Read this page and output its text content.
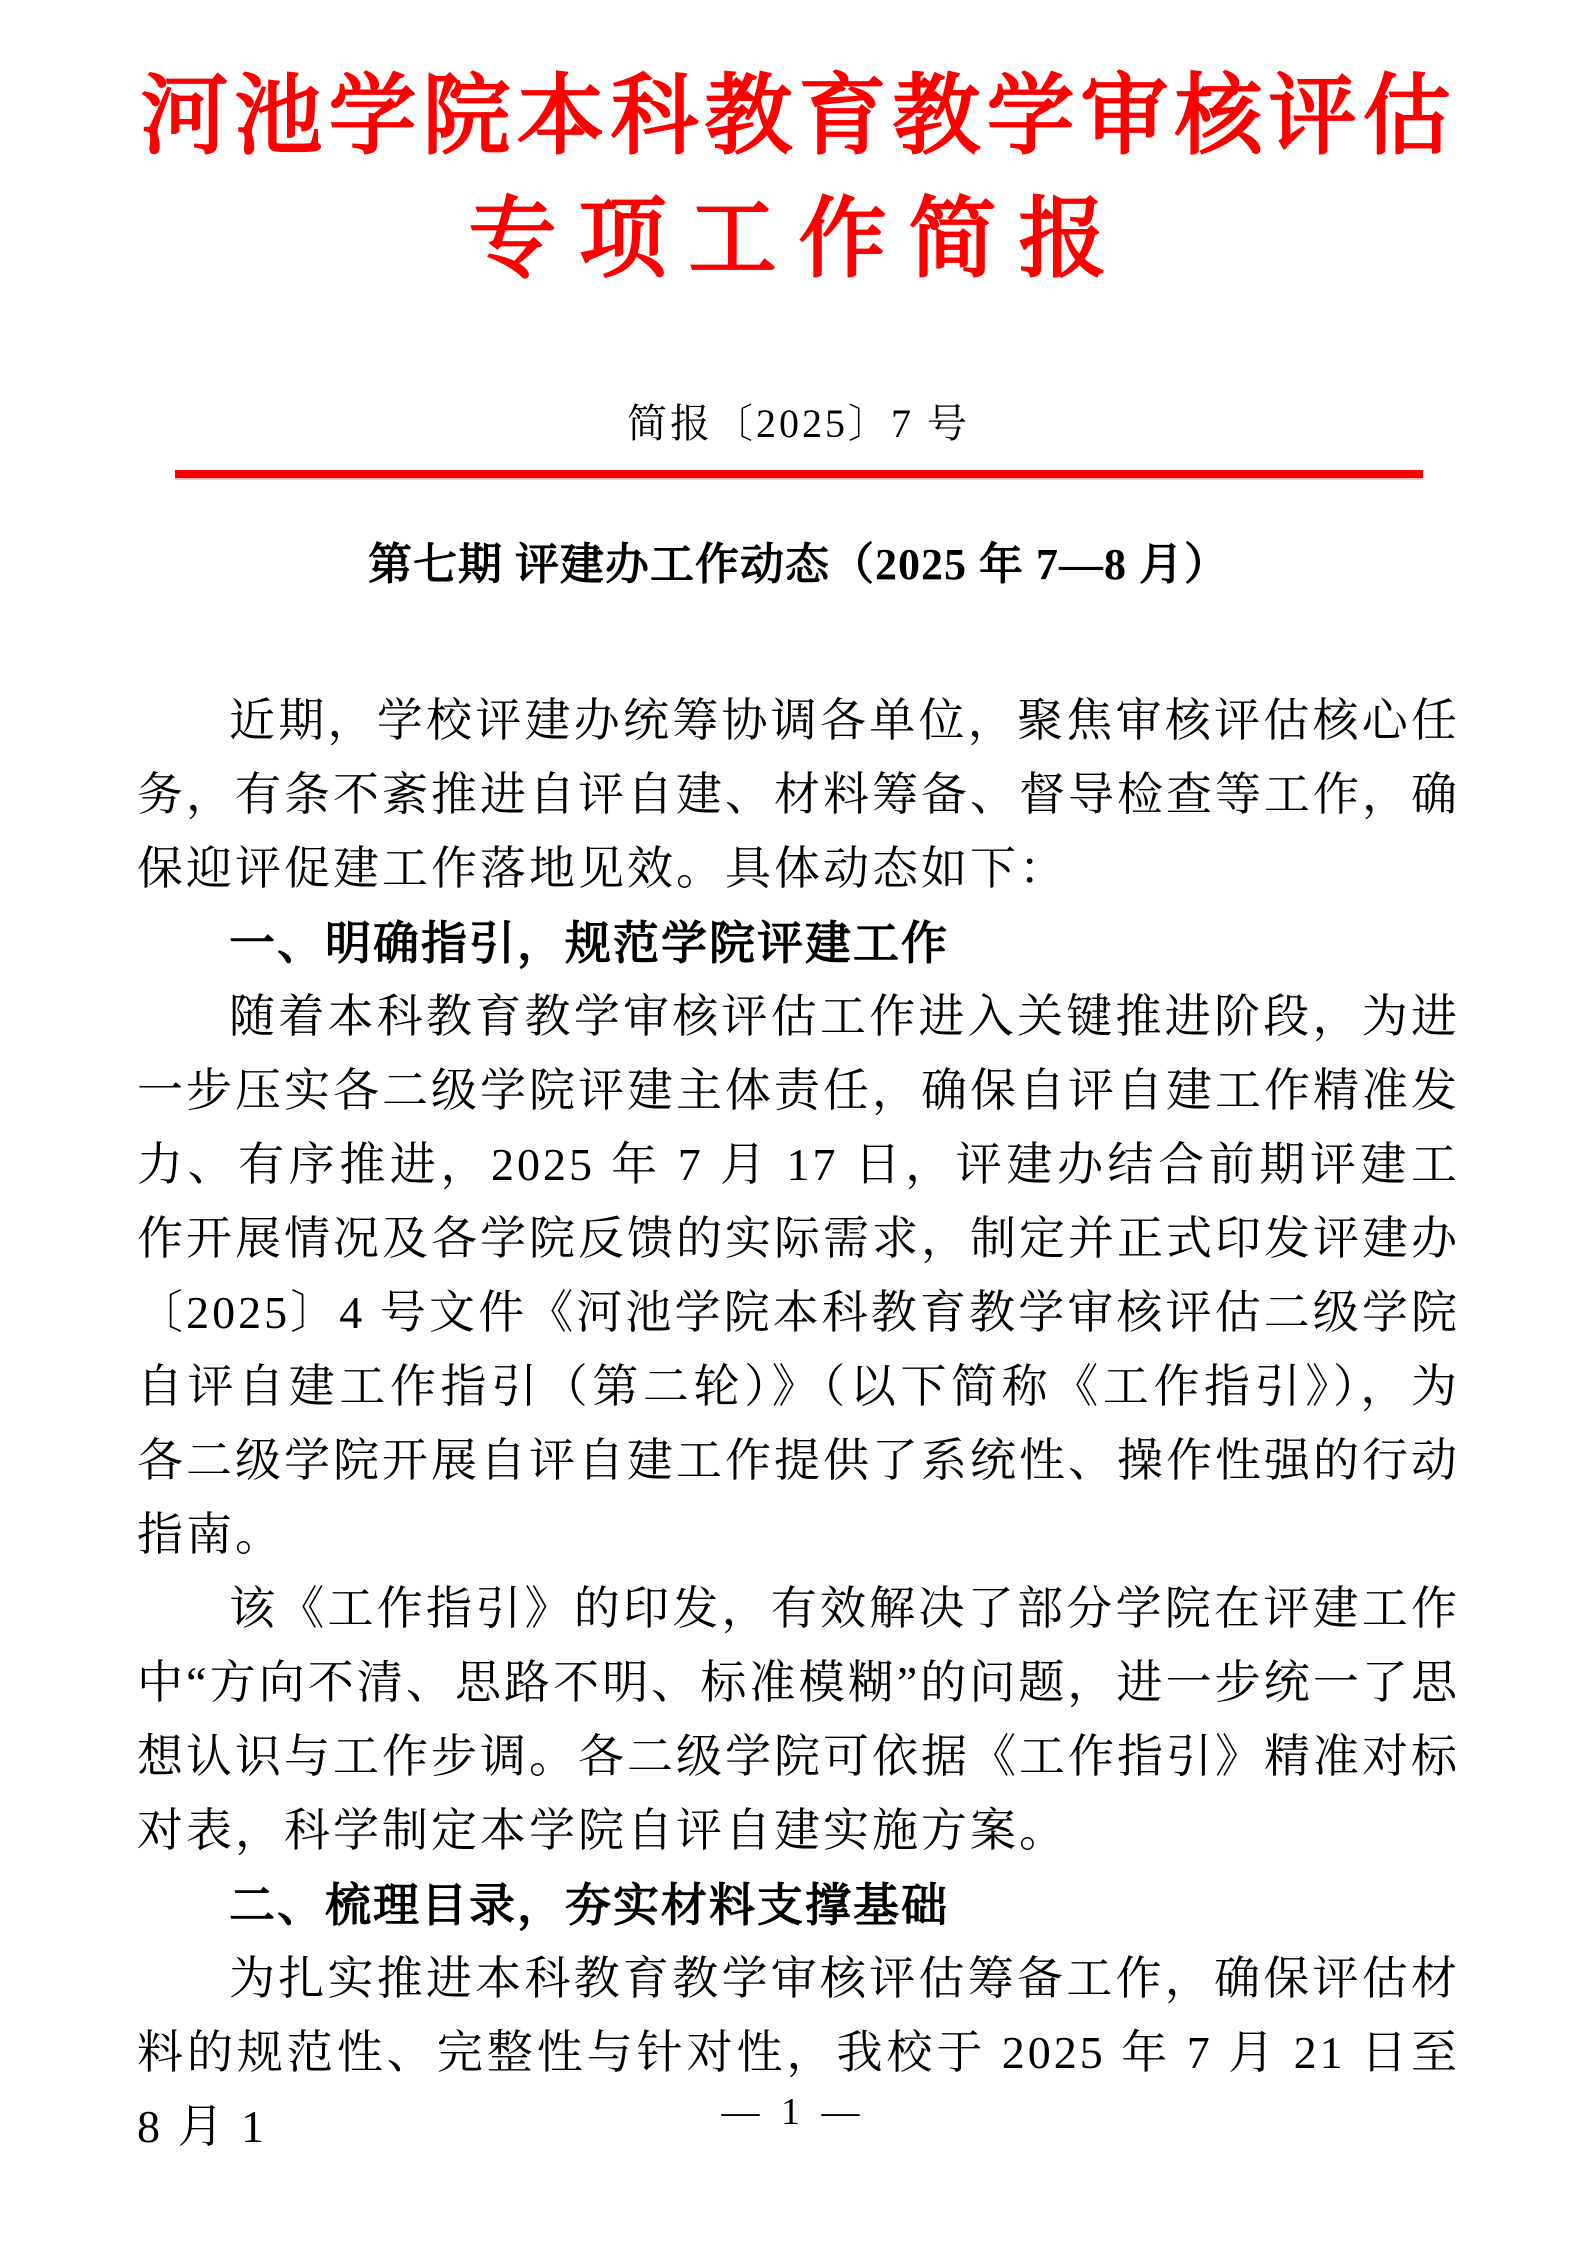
河池学院本科教育教学审核评估
专项工作简报
简报〔2025〕7 号
第七期 评建办工作动态（2025 年 7—8 月）

近期，学校评建办统筹协调各单位，聚焦审核评估核心任务，有条不紊推进自评自建、材料筹备、督导检查等工作，确保迎评促建工作落地见效。具体动态如下：

一、明确指引，规范学院评建工作

随着本科教育教学审核评估工作进入关键推进阶段，为进一步压实各二级学院评建主体责任，确保自评自建工作精准发力、有序推进，2025 年 7 月 17 日，评建办结合前期评建工作开展情况及各学院反馈的实际需求，制定并正式印发评建办〔2025〕4 号文件《河池学院本科教育教学审核评估二级学院自评自建工作指引（第二轮）》（以下简称《工作指引》），为各二级学院开展自评自建工作提供了系统性、操作性强的行动指南。

该《工作指引》的印发，有效解决了部分学院在评建工作中“方向不清、思路不明、标准模糊”的问题，进一步统一了思想认识与工作步调。各二级学院可依据《工作指引》精准对标对表，科学制定本学院自评自建实施方案。

二、梳理目录，夯实材料支撑基础

为扎实推进本科教育教学审核评估筹备工作，确保评估材料的规范性、完整性与针对性，我校于 2025 年 7 月 21 日至 8 月 1	— 1 —
